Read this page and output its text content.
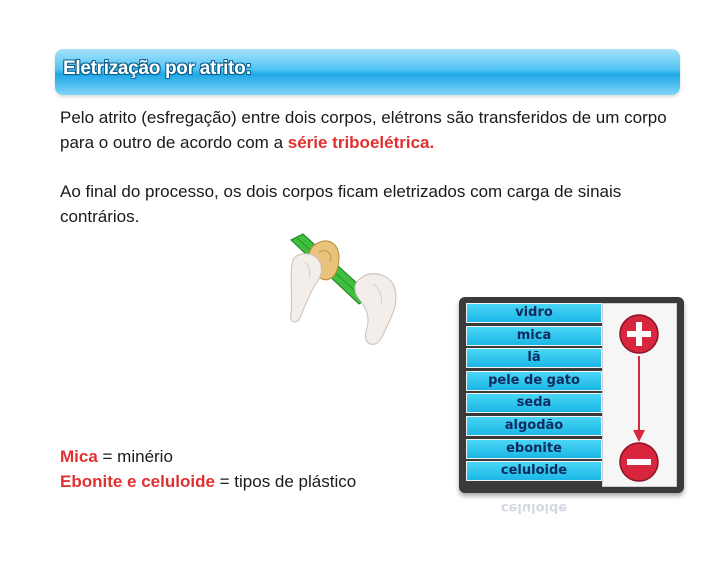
Eletrização por atrito:
Pelo atrito (esfregação) entre dois corpos, elétrons são transferidos de um corpo para o outro de acordo com a série triboelétrica.
Ao final do processo, os dois corpos ficam eletrizados com carga de sinais contrários.
vidro
mica
lã
pele de gato
seda
algodão
ebonite
celuloide
celuloide
Mica = minério
Ebonite e celuloide = tipos de plástico
